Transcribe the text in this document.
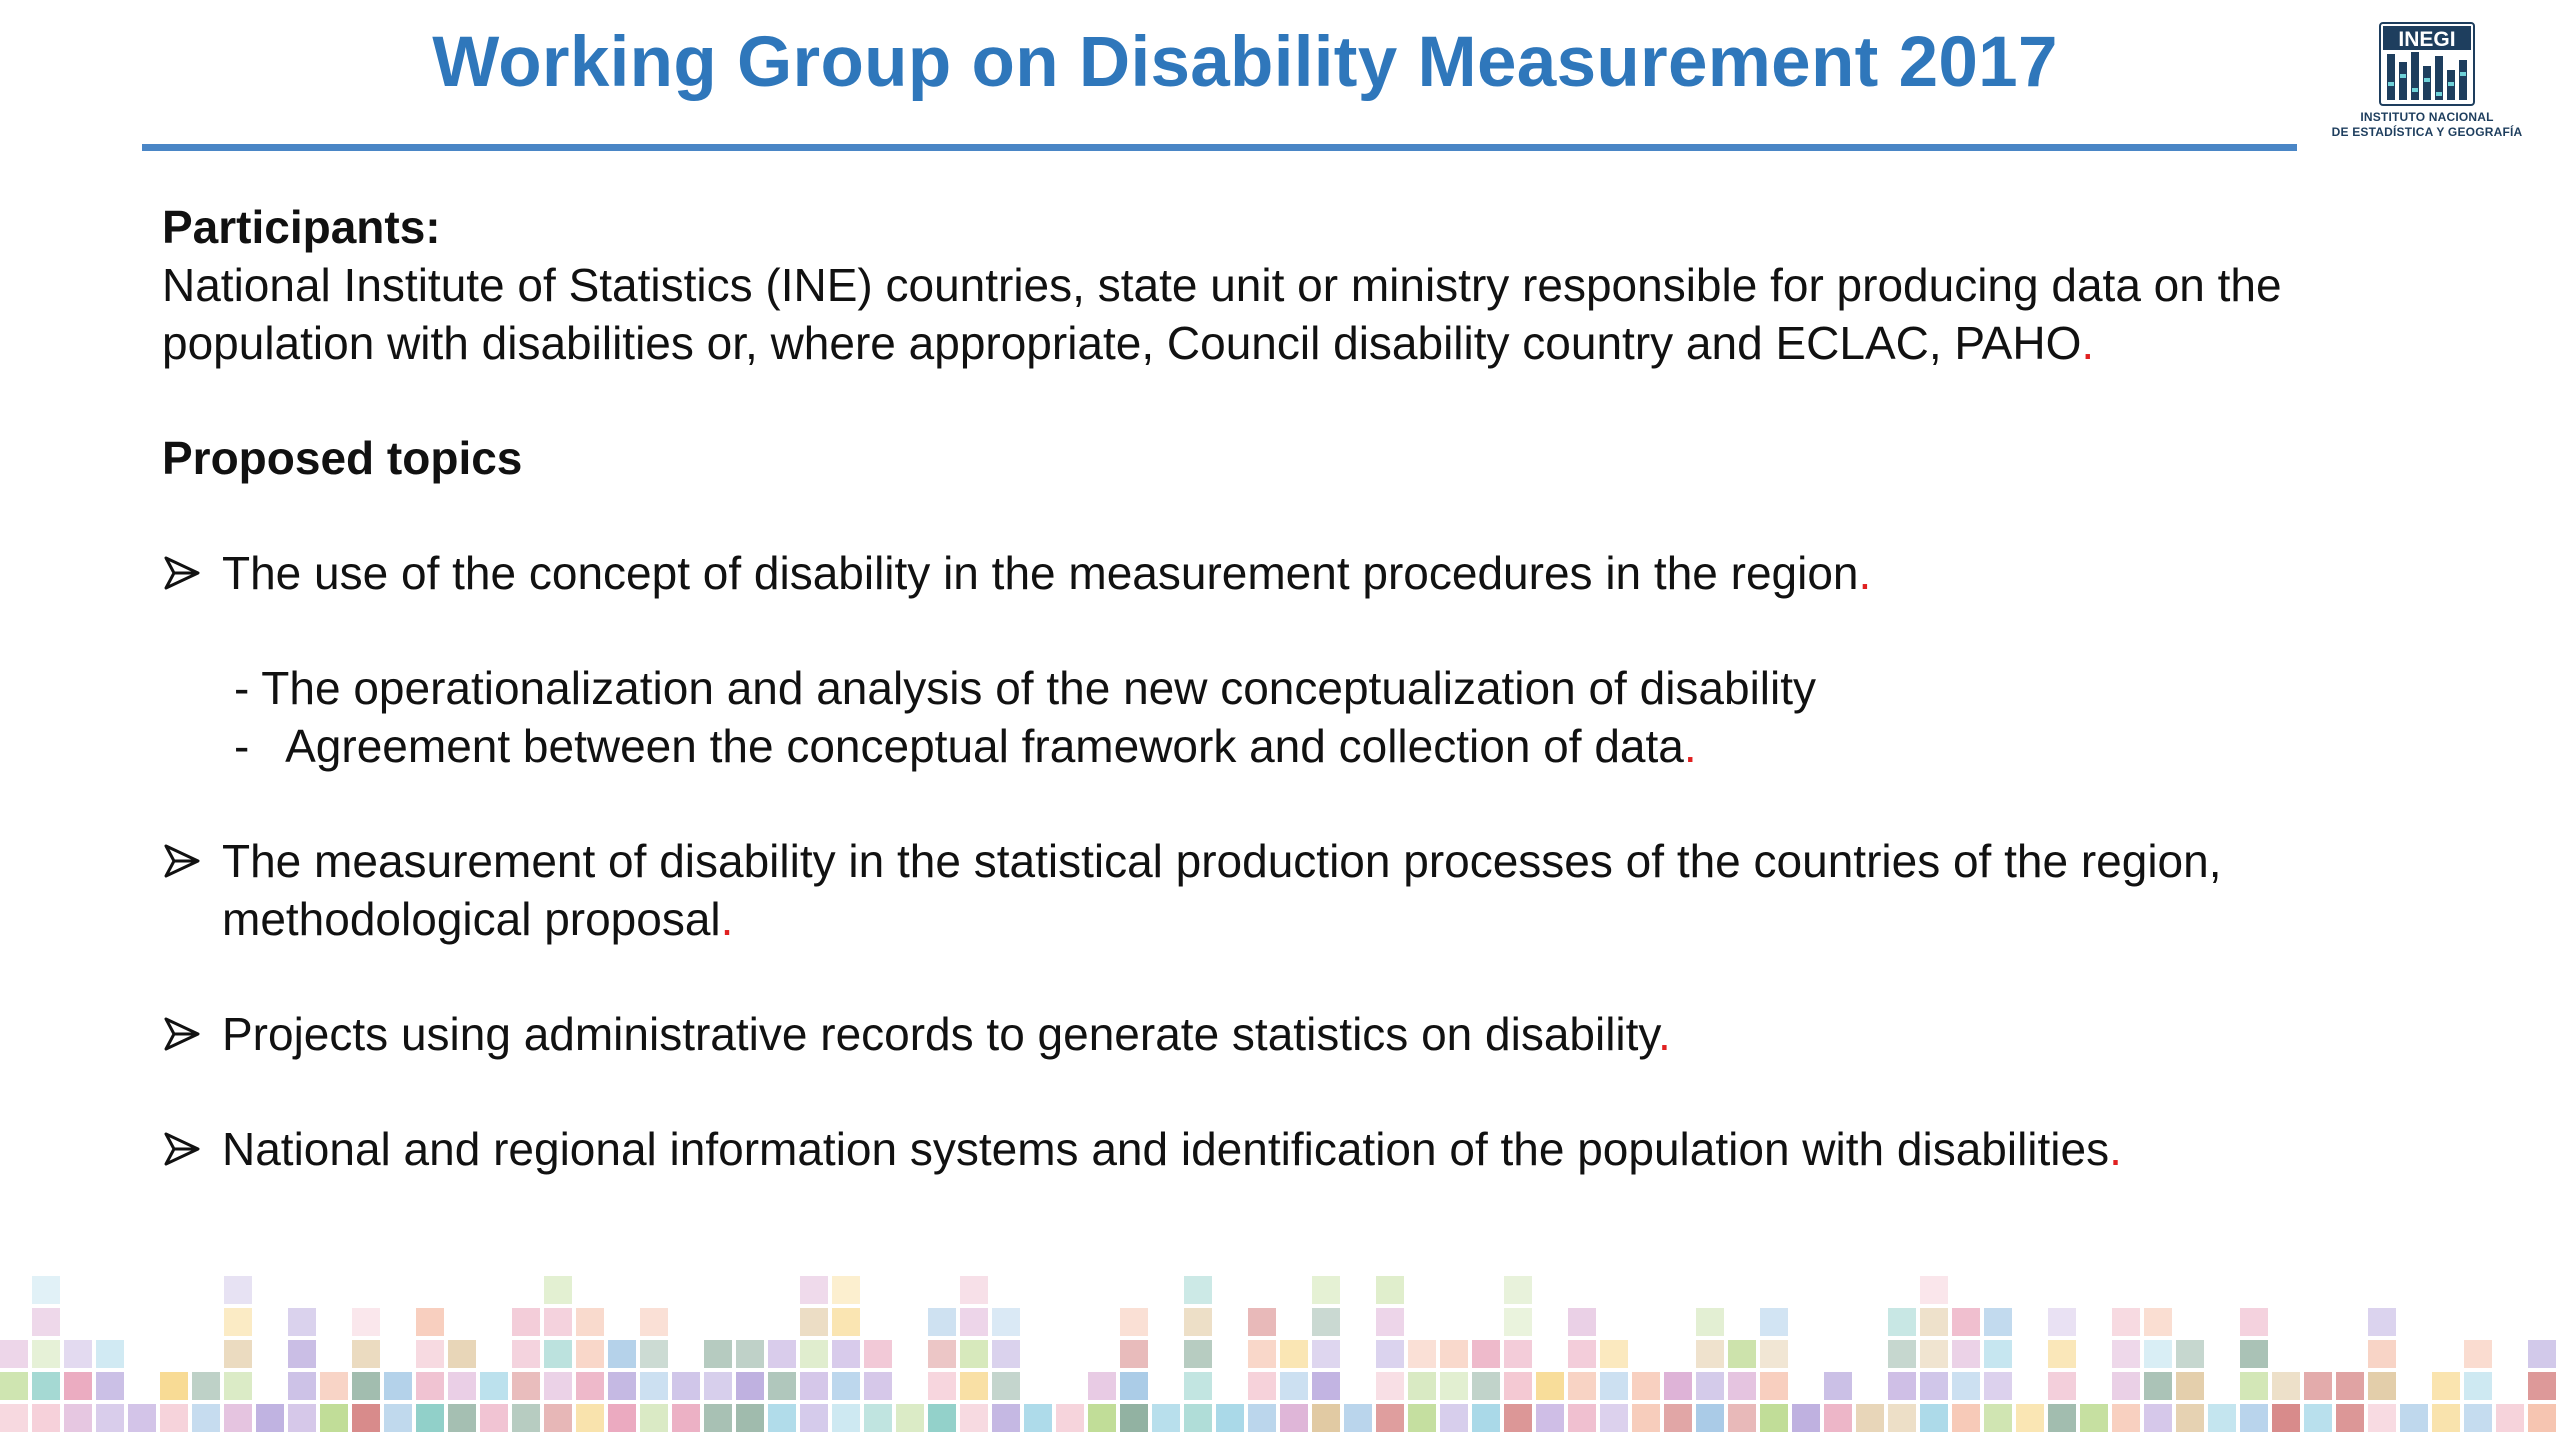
Working Group on Disability Measurement 2017	INEGI
INSTITUTO NACIONAL
DE ESTADÍSTICA Y GEOGRAFÍA

Participants:

National Institute of Statistics (INE) countries, state unit or ministry responsible for producing data on the population with disabilities or, where appropriate, Council disability country and ECLAC, PAHO.

Proposed topics

The use of the concept of disability in the measurement procedures in the region.

- The operationalization and analysis of the new conceptualization of disability

-   Agreement between the conceptual framework and collection of data.

The measurement of disability in the statistical production processes of the countries of the region, methodological proposal.

Projects using administrative records to generate statistics on disability.

National and regional information systems and identification of the population with disabilities.
